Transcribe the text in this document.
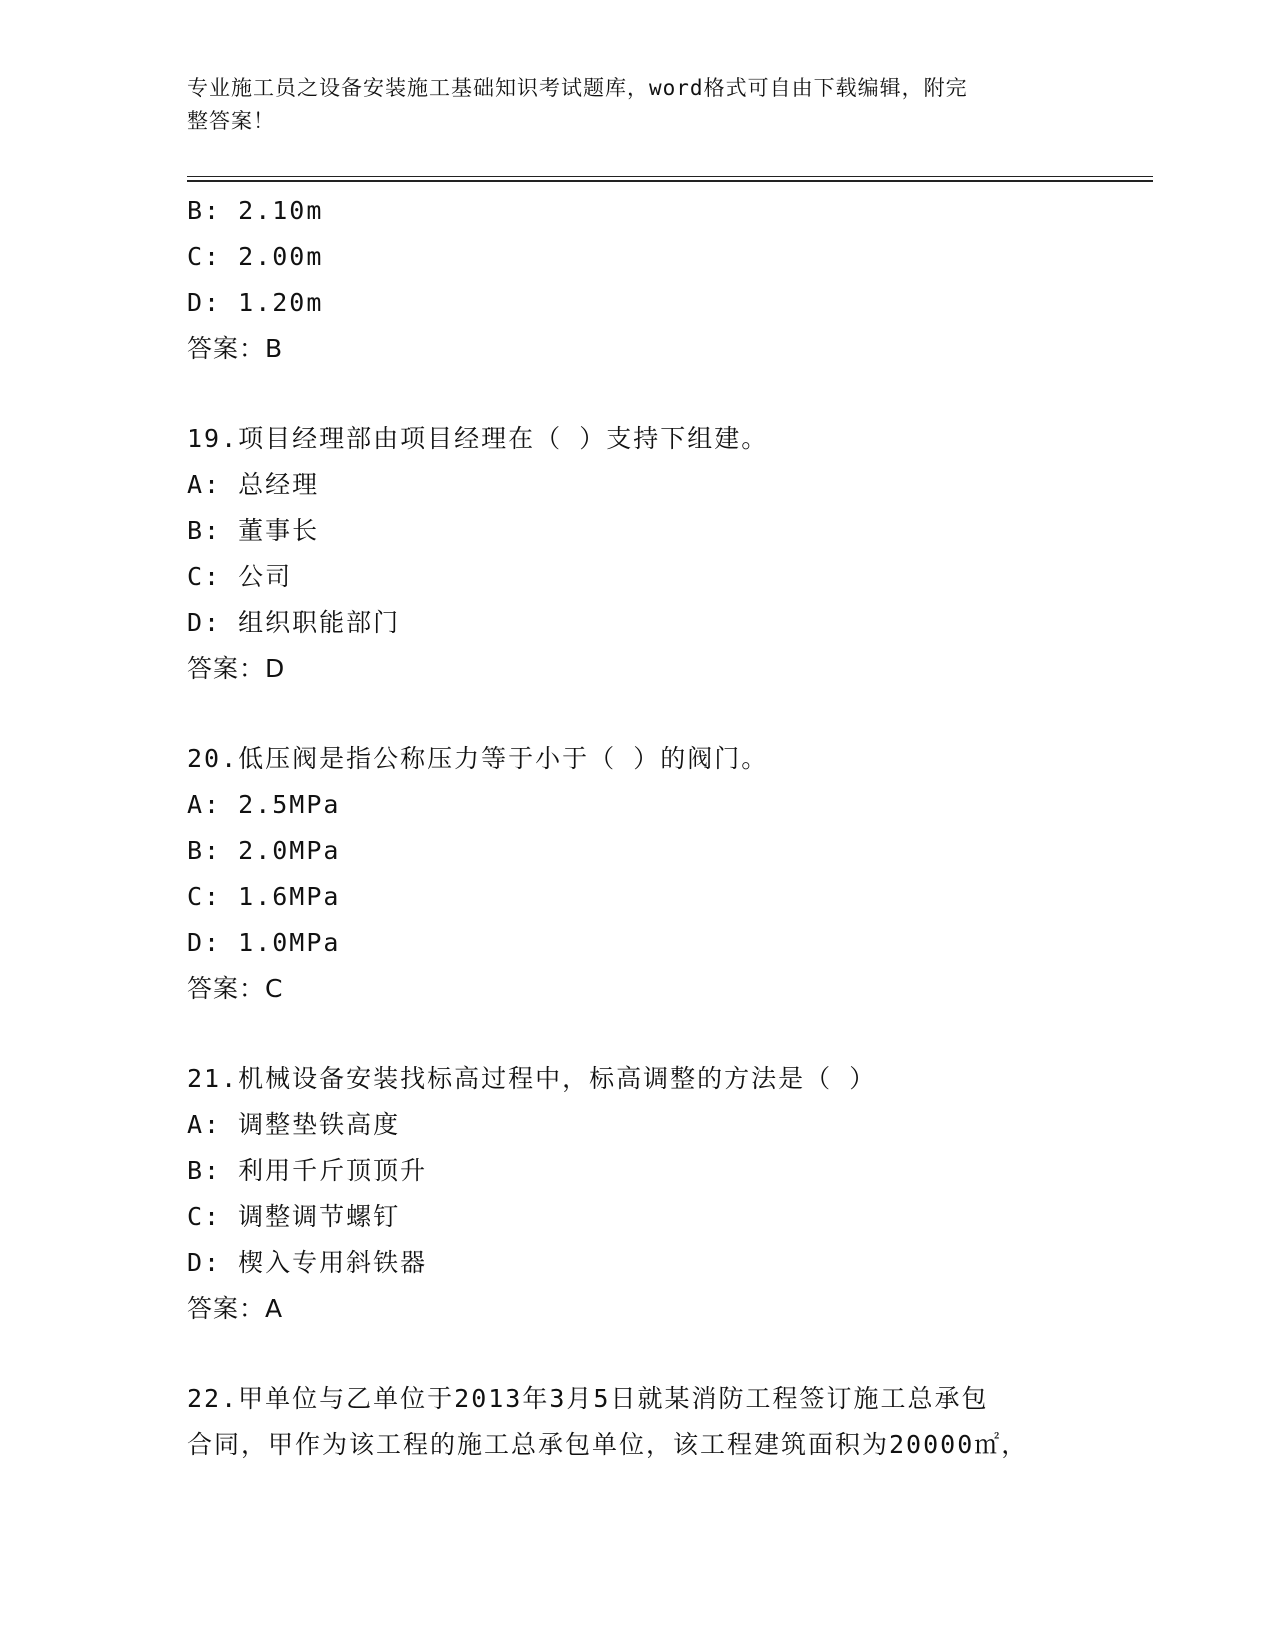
专业施工员之设备安装施工基础知识考试题库，word格式可自由下载编辑，附完
整答案！
B: 2.10m
C: 2.00m
D: 1.20m
答案：B
19.项目经理部由项目经理在（ ）支持下组建。
A: 总经理
B: 董事长
C: 公司
D: 组织职能部门
答案：D
20.低压阀是指公称压力等于小于（ ）的阀门。
A: 2.5MPa
B: 2.0MPa
C: 1.6MPa
D: 1.0MPa
答案：C
21.机械设备安装找标高过程中，标高调整的方法是（ ）
A: 调整垫铁高度
B: 利用千斤顶顶升
C: 调整调节螺钉
D: 楔入专用斜铁器
答案：A
22.甲单位与乙单位于2013年3月5日就某消防工程签订施工总承包
合同，甲作为该工程的施工总承包单位，该工程建筑面积为20000㎡，
